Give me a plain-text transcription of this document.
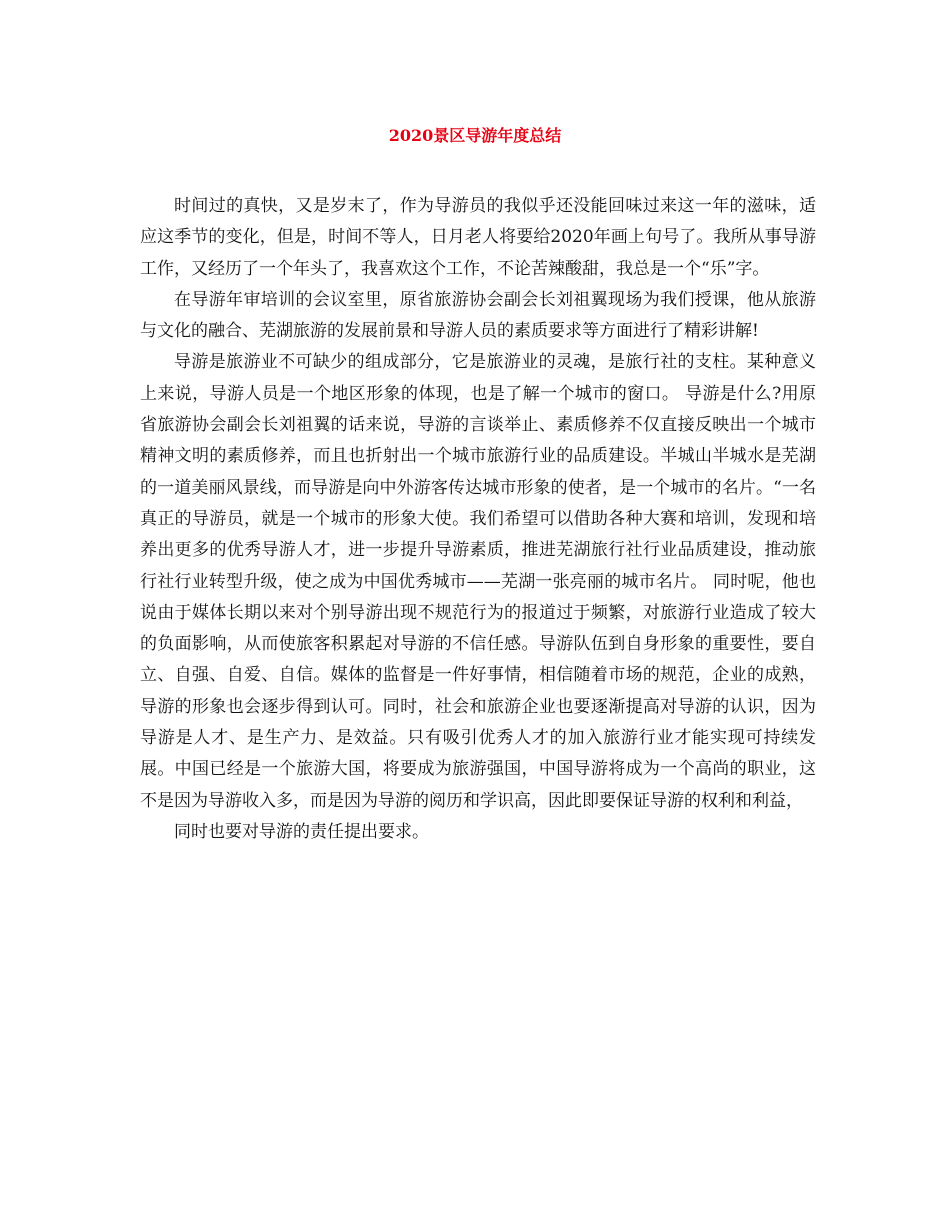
2020景区导游年度总结

时间过的真快，又是岁末了，作为导游员的我似乎还没能回味过来这一年的滋味，适应这季节的变化，但是，时间不等人，日月老人将要给2020年画上句号了。我所从事导游工作，又经历了一个年头了，我喜欢这个工作，不论苦辣酸甜，我总是一个“乐”字。

在导游年审培训的会议室里，原省旅游协会副会长刘祖翼现场为我们授课，他从旅游与文化的融合、芜湖旅游的发展前景和导游人员的素质要求等方面进行了精彩讲解!

导游是旅游业不可缺少的组成部分，它是旅游业的灵魂，是旅行社的支柱。某种意义上来说，导游人员是一个地区形象的体现，也是了解一个城市的窗口。 导游是什么?用原省旅游协会副会长刘祖翼的话来说，导游的言谈举止、素质修养不仅直接反映出一个城市精神文明的素质修养，而且也折射出一个城市旅游行业的品质建设。半城山半城水是芜湖的一道美丽风景线，而导游是向中外游客传达城市形象的使者，是一个城市的名片。“一名真正的导游员，就是一个城市的形象大使。我们希望可以借助各种大赛和培训，发现和培养出更多的优秀导游人才，进一步提升导游素质，推进芜湖旅行社行业品质建设，推动旅行社行业转型升级，使之成为中国优秀城市——芜湖一张亮丽的城市名片。 同时呢，他也说由于媒体长期以来对个别导游出现不规范行为的报道过于频繁，对旅游行业造成了较大的负面影响，从而使旅客积累起对导游的不信任感。导游队伍到自身形象的重要性，要自立、自强、自爱、自信。媒体的监督是一件好事情，相信随着市场的规范，企业的成熟，导游的形象也会逐步得到认可。同时，社会和旅游企业也要逐渐提高对导游的认识，因为导游是人才、是生产力、是效益。只有吸引优秀人才的加入旅游行业才能实现可持续发展。中国已经是一个旅游大国，将要成为旅游强国，中国导游将成为一个高尚的职业，这不是因为导游收入多，而是因为导游的阅历和学识高，因此即要保证导游的权利和利益，

同时也要对导游的责任提出要求。
